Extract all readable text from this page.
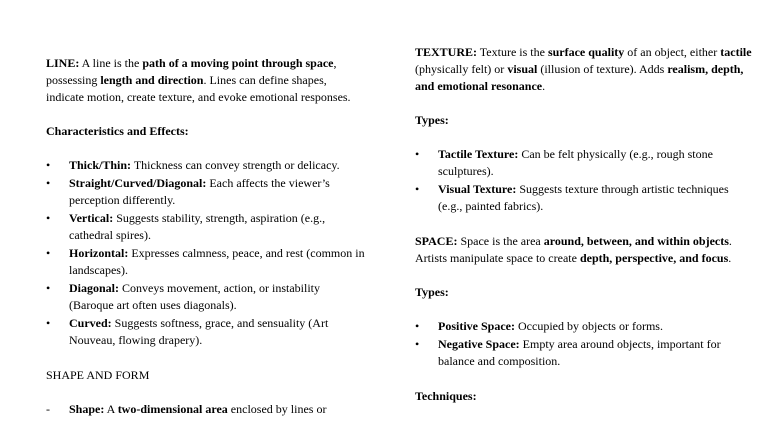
LINE: A line is the path of a moving point through space, possessing length and direction. Lines can define shapes, indicate motion, create texture, and evoke emotional responses.

Characteristics and Effects:

• Thick/Thin: Thickness can convey strength or delicacy.
• Straight/Curved/Diagonal: Each affects the viewer’s perception differently.
• Vertical: Suggests stability, strength, aspiration (e.g., cathedral spires).
• Horizontal: Expresses calmness, peace, and rest (common in landscapes).
• Diagonal: Conveys movement, action, or instability (Baroque art often uses diagonals).
• Curved: Suggests softness, grace, and sensuality (Art Nouveau, flowing drapery).

SHAPE AND FORM

- Shape: A two-dimensional area enclosed by lines or

TEXTURE: Texture is the surface quality of an object, either tactile (physically felt) or visual (illusion of texture). Adds realism, depth, and emotional resonance.

Types:

• Tactile Texture: Can be felt physically (e.g., rough stone sculptures).
• Visual Texture: Suggests texture through artistic techniques (e.g., painted fabrics).

SPACE: Space is the area around, between, and within objects. Artists manipulate space to create depth, perspective, and focus.

Types:

• Positive Space: Occupied by objects or forms.
• Negative Space: Empty area around objects, important for balance and composition.

Techniques:
